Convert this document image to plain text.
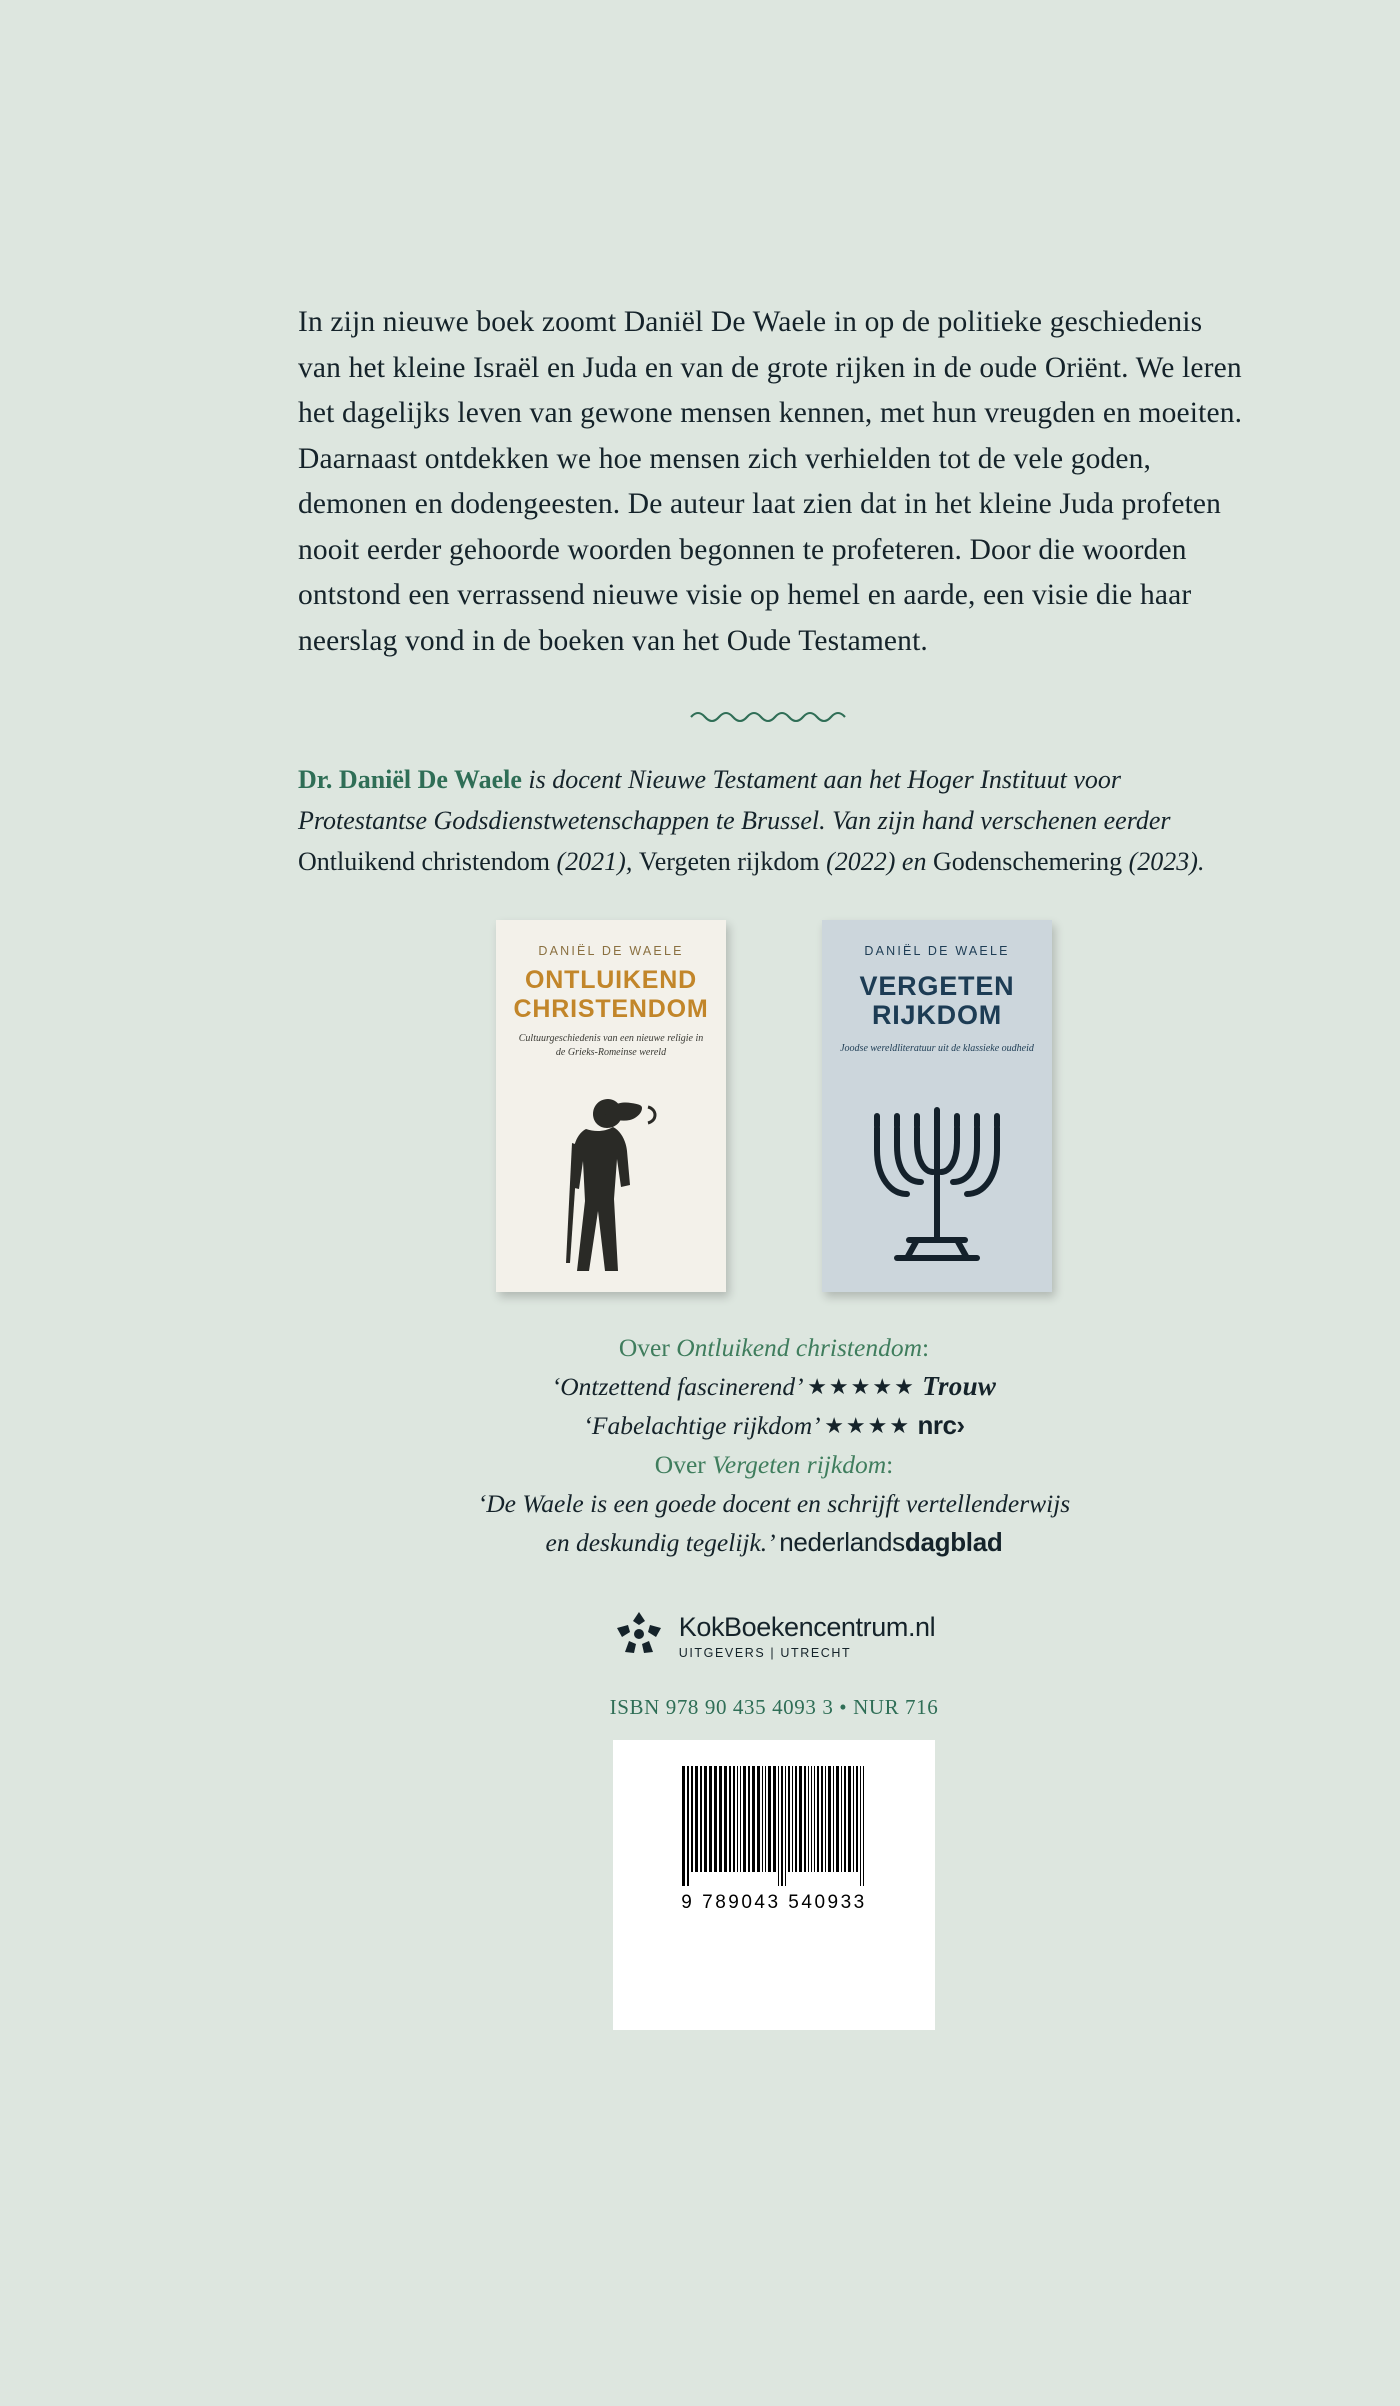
In zijn nieuwe boek zoomt Daniël De Waele in op de politieke geschiedenis van het kleine Israël en Juda en van de grote rijken in de oude Oriënt. We leren het dagelijks leven van gewone mensen kennen, met hun vreugden en moeiten. Daarnaast ontdekken we hoe mensen zich verhielden tot de vele goden, demonen en dodengeesten. De auteur laat zien dat in het kleine Juda profeten nooit eerder gehoorde woorden begonnen te profeteren. Door die woorden ontstond een verrassend nieuwe visie op hemel en aarde, een visie die haar neerslag vond in de boeken van het Oude Testament.

Dr. Daniël De Waele is docent Nieuwe Testament aan het Hoger Instituut voor Protestantse Godsdienstwetenschappen te Brussel. Van zijn hand verschenen eerder Ontluikend christendom (2021), Vergeten rijkdom (2022) en Godenschemering (2023).

DANIËL DE WAELE
ONTLUIKEND CHRISTENDOM
Cultuurgeschiedenis van een nieuwe religie in de Grieks-Romeinse wereld
DANIËL DE WAELE
VERGETEN RIJKDOM
Joodse wereldliteratuur uit de klassieke oudheid
Over Ontluikend christendom:
‘Ontzettend fascinerend’ ★★★★★ Trouw
‘Fabelachtige rijkdom’ ★★★★ nrc›
Over Vergeten rijkdom:
‘De Waele is een goede docent en schrijft vertellenderwijs
en deskundig tegelijk.’ nederlandsdagblad
KokBoekencentrum.nl
UITGEVERS | UTRECHT
ISBN 978 90 435 4093 3 • NUR 716
9 789043 540933
